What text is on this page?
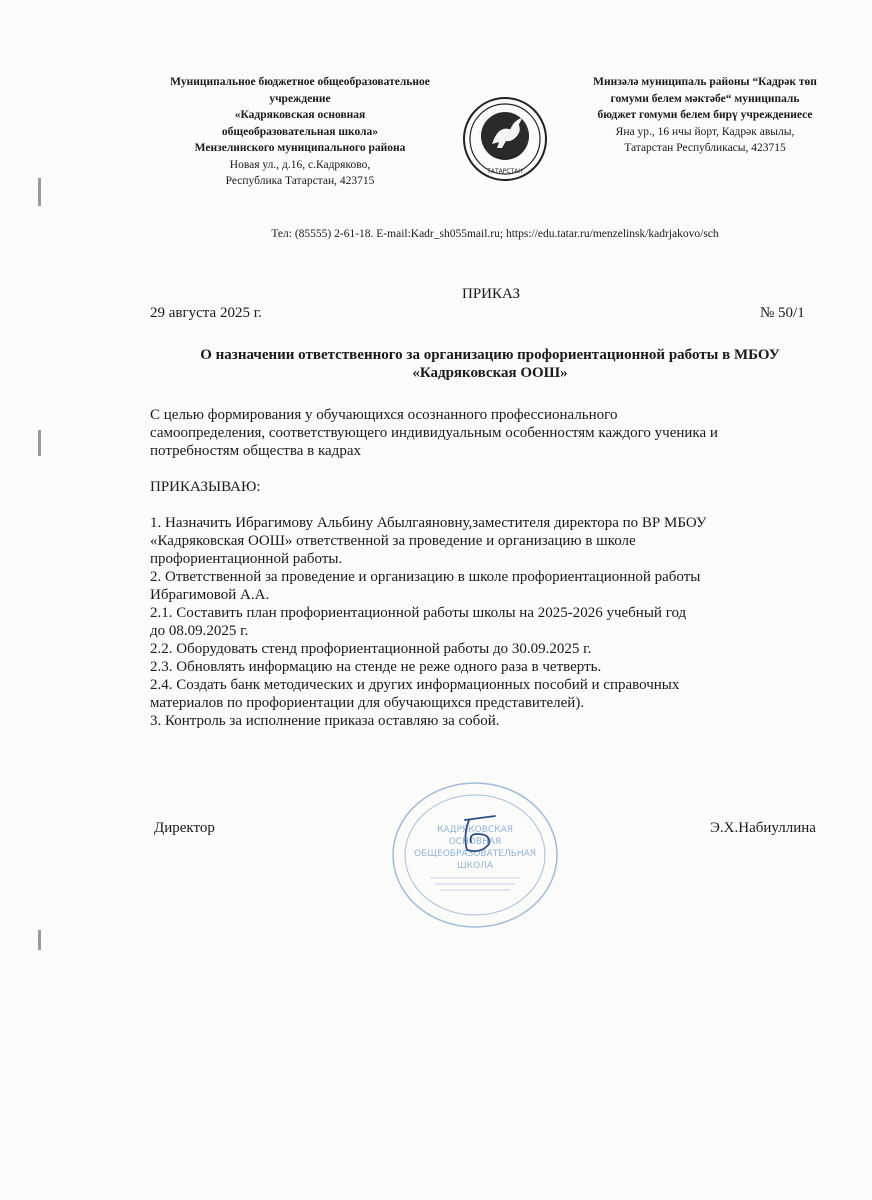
Муниципальное бюджетное общеобразовательное
учреждение
«Кадряковская основная
общеобразовательная школа»
Мензелинского муниципального района
Новая ул., д.16, с.Кадряково,
Республика Татарстан, 423715
ТАТАРСТАН
Минзәлә муниципаль районы “Кадрәк төп
гомуми белем мәктәбе“ муниципаль
бюджет гомуми белем бирү учреждениесе
Яна ур., 16 нчы йорт, Кадрәк авылы,
Татарстан Республикасы, 423715
Тел: (85555) 2-61-18. E-mail:Kadr_sh055mail.ru; https://edu.tatar.ru/menzelinsk/kadrjakovo/sch
ПРИКАЗ
29 августа 2025 г.	№ 50/1
О назначении ответственного за организацию профориентационной работы в МБОУ
«Кадряковская ООШ»
С целью формирования у обучающихся осознанного профессионального
самоопределения, соответствующего индивидуальным особенностям каждого ученика и
потребностям общества в кадрах
ПРИКАЗЫВАЮ:
1. Назначить Ибрагимову Альбину Абылгаяновну,заместителя директора по ВР МБОУ
«Кадряковская ООШ» ответственной за проведение и организацию в школе
профориентационной работы.
2. Ответственной за проведение и организацию в школе профориентационной работы
Ибрагимовой А.А.
2.1. Составить план профориентационной работы школы на 2025-2026 учебный год
до 08.09.2025 г.
2.2. Оборудовать стенд профориентационной работы до 30.09.2025 г.
2.3. Обновлять информацию на стенде не реже одного раза в четверть.
2.4. Создать банк методических и других информационных пособий и справочных
материалов по профориентации для обучающихся представителей).
3. Контроль за исполнение приказа оставляю за собой.
КАДРЯКОВСКАЯ
ОСНОВНАЯ
ОБЩЕОБРАЗОВАТЕЛЬНАЯ
ШКОЛА
Директор	Э.Х.Набиуллина
